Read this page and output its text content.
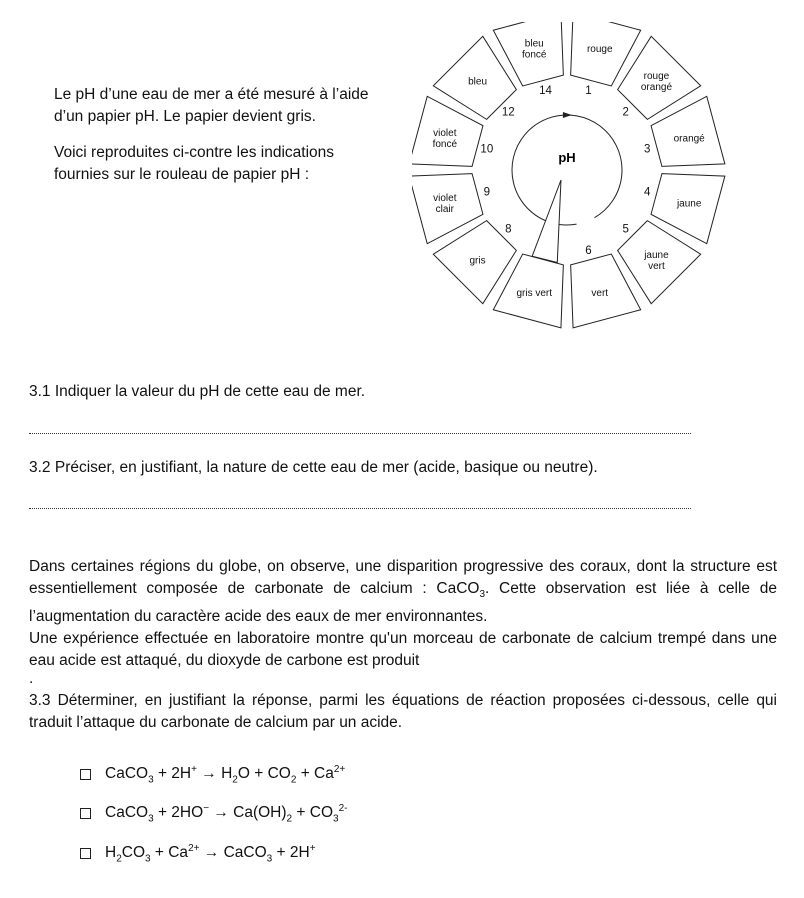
Le pH d’une eau de mer a été mesuré à l’aide d’un papier pH. Le papier devient gris.

Voici reproduites ci-contre les indications fournies sur le rouleau de papier pH :

rouge
rouge orangé
orangé
jaune
jaune vert
vert
gris vert
gris
violet clair
violet foncé
bleu
bleu foncé
1
2
3
4
5
6
8
9
10
12
14
pH
3.1 Indiquer la valeur du pH de cette eau de mer.
3.2 Préciser, en justifiant, la nature de cette eau de mer (acide, basique ou neutre).

Dans certaines régions du globe, on observe, une disparition progressive des coraux, dont la structure est essentiellement composée de carbonate de calcium : CaCO$_3$. Cette observation est liée à celle de l’augmentation du caractère acide des eaux de mer environnantes.

Une expérience effectuée en laboratoire montre qu'un morceau de carbonate de calcium trempé dans une eau acide est attaqué, du dioxyde de carbone est produit

.

3.3 Déterminer, en justifiant la réponse, parmi les équations de réaction proposées ci-dessous, celle qui traduit l’attaque du carbonate de calcium par un acide.
CaCO$_3$ + $2H^+ \to H_2O + CO_2 + Ca^{2+}$
CaCO$_3$ + $2HO^- \to Ca(OH)_2 + CO_3^{2-}$
$H_2CO_3 + Ca^{2+}$ → CaCO$_3$ + 2H+
